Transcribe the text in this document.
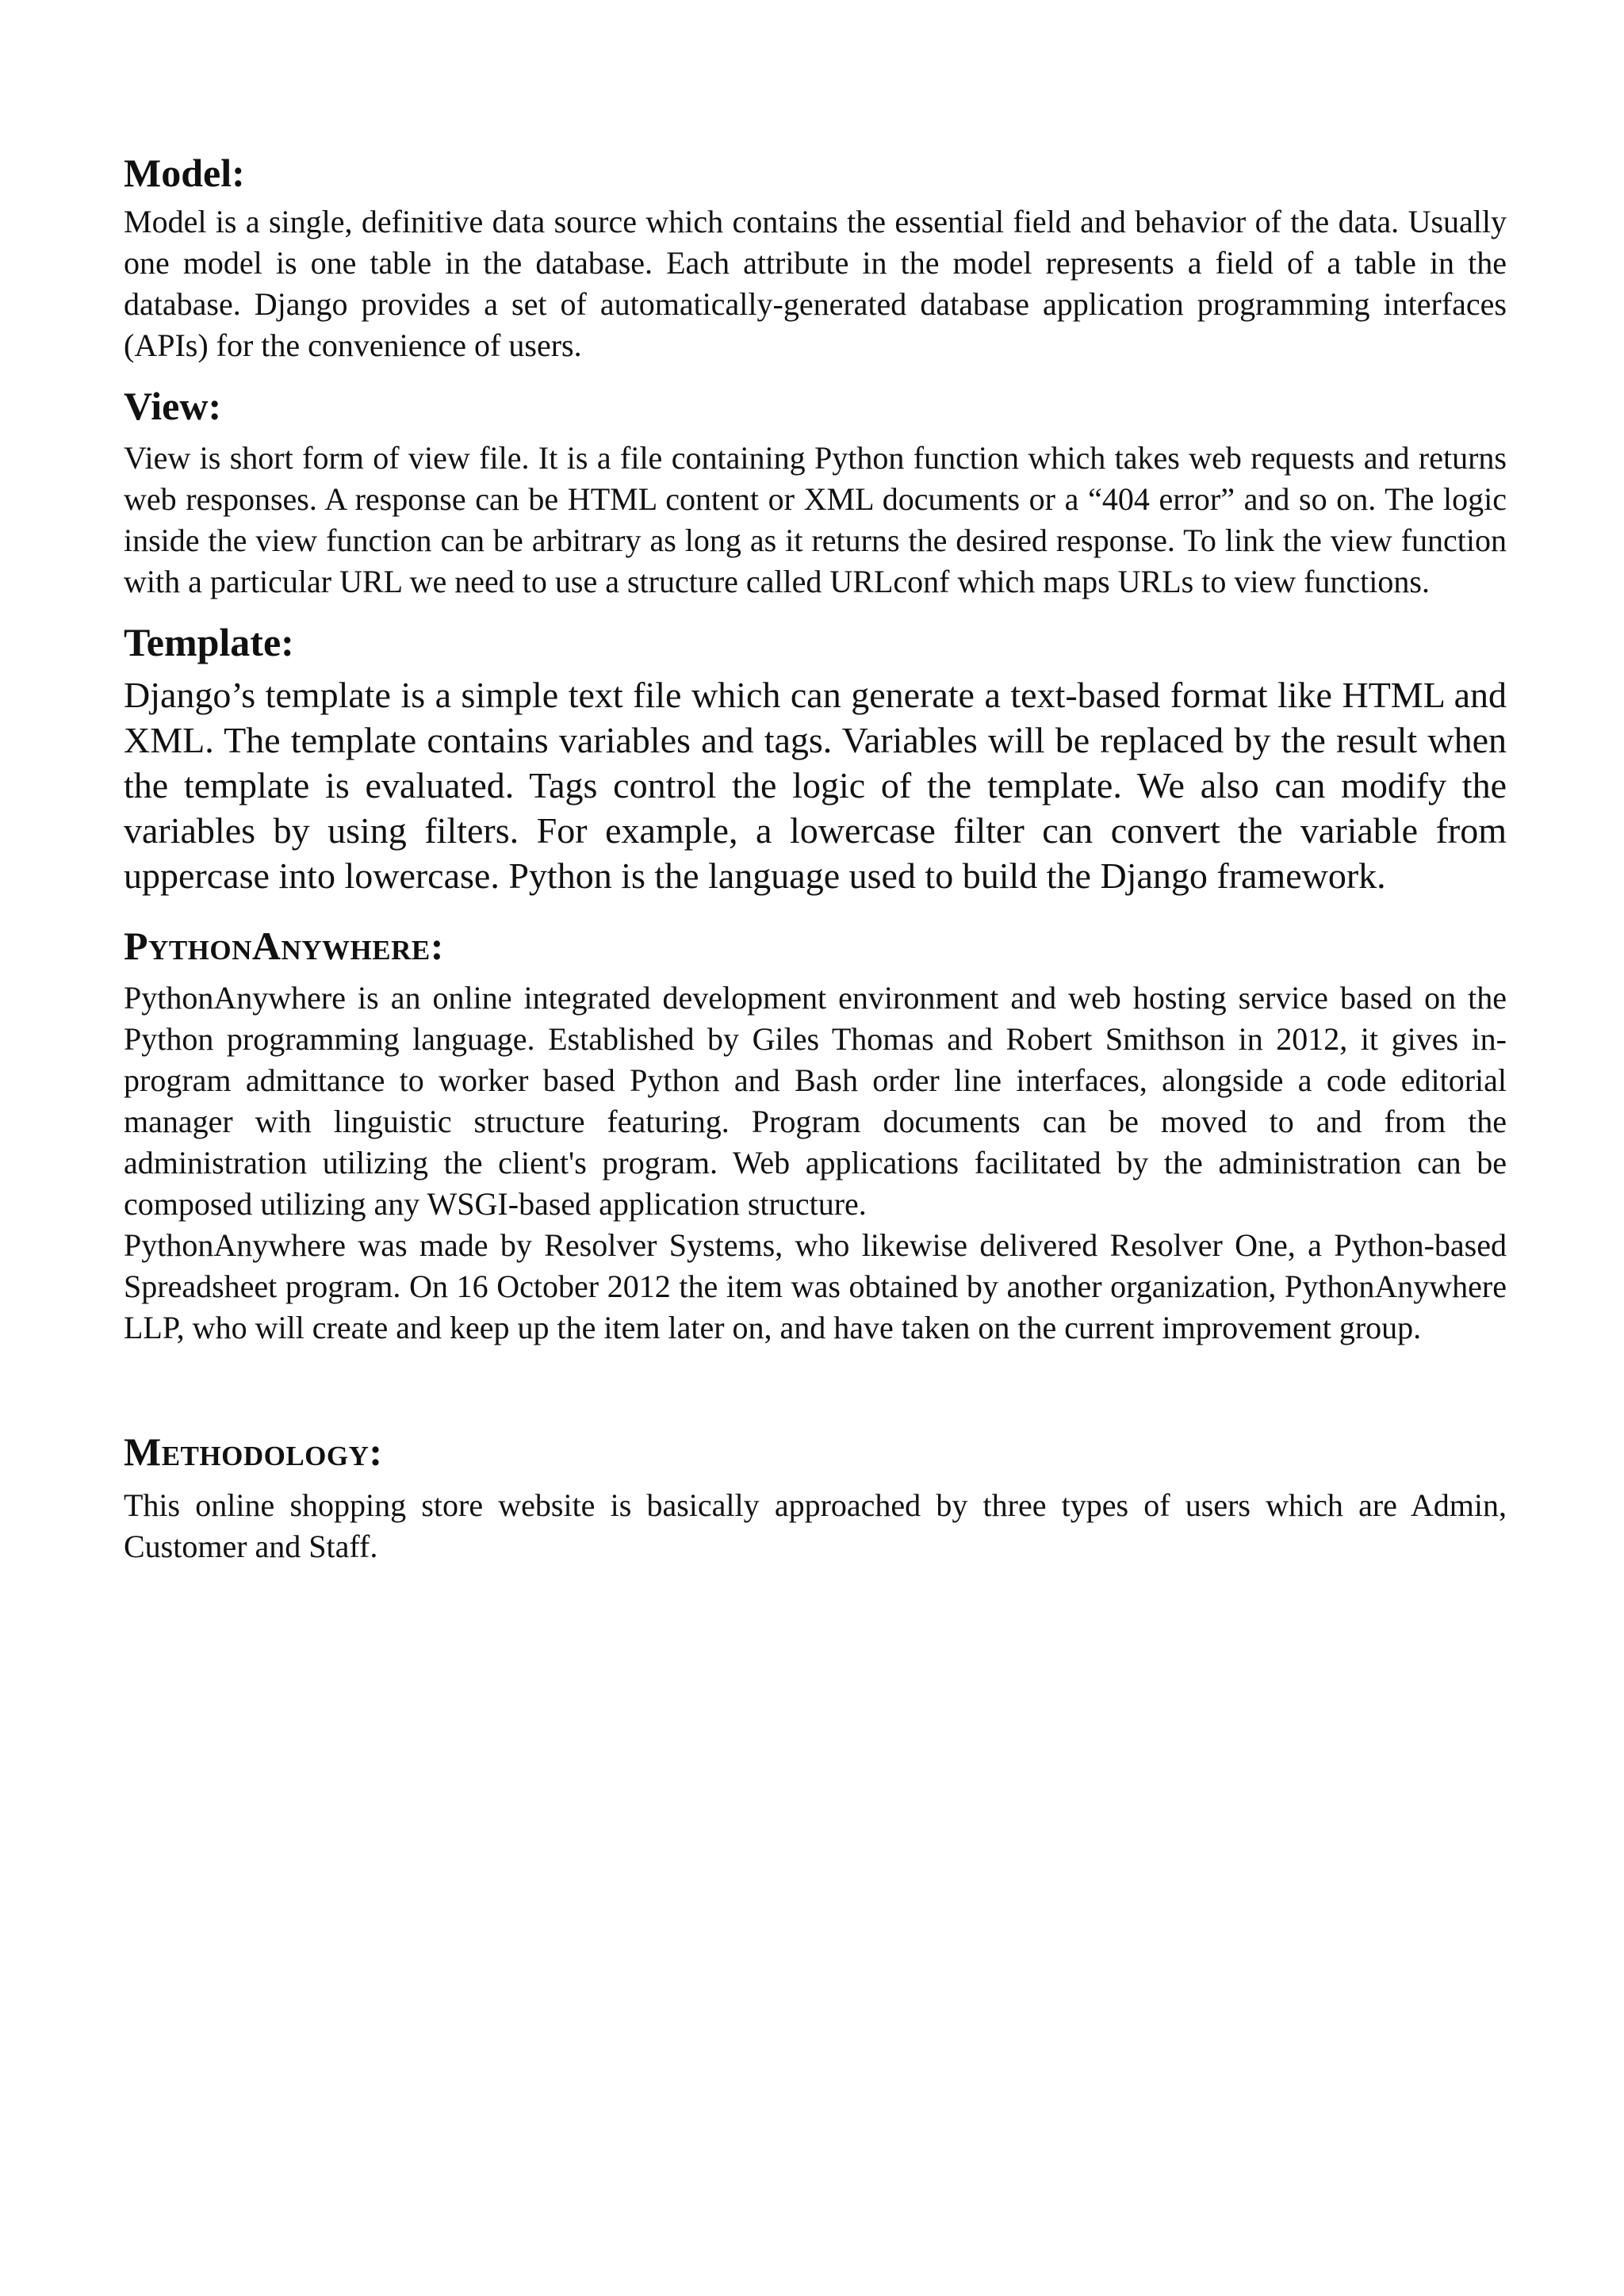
Model:

Model is a single, definitive data source which contains the essential field and behavior of the data. Usually one model is one table in the database. Each attribute in the model represents a field of a table in the database. Django provides a set of automatically-generated database application programming interfaces (APIs) for the convenience of users.

View:

View is short form of view file. It is a file containing Python function which takes web requests and returns web responses. A response can be HTML content or XML documents or a “404 error” and so on. The logic inside the view function can be arbitrary as long as it returns the desired response. To link the view function with a particular URL we need to use a structure called URLconf which maps URLs to view functions.

Template:

Django’s template is a simple text file which can generate a text-based format like HTML and XML. The template contains variables and tags. Variables will be replaced by the result when the template is evaluated. Tags control the logic of the template. We also can modify the variables by using filters. For example, a lowercase filter can convert the variable from uppercase into lowercase. Python is the language used to build the Django framework.

PythonAnywhere:

PythonAnywhere is an online integrated development environment and web hosting service based on the Python programming language. Established by Giles Thomas and Robert Smithson in 2012, it gives in-program admittance to worker based Python and Bash order line interfaces, alongside a code editorial manager with linguistic structure featuring. Program documents can be moved to and from the administration utilizing the client's program. Web applications facilitated by the administration can be composed utilizing any WSGI-based application structure.

PythonAnywhere was made by Resolver Systems, who likewise delivered Resolver One, a Python-based Spreadsheet program. On 16 October 2012 the item was obtained by another organization, PythonAnywhere LLP, who will create and keep up the item later on, and have taken on the current improvement group.

Methodology:

This online shopping store website is basically approached by three types of users which are Admin, Customer and Staff.
